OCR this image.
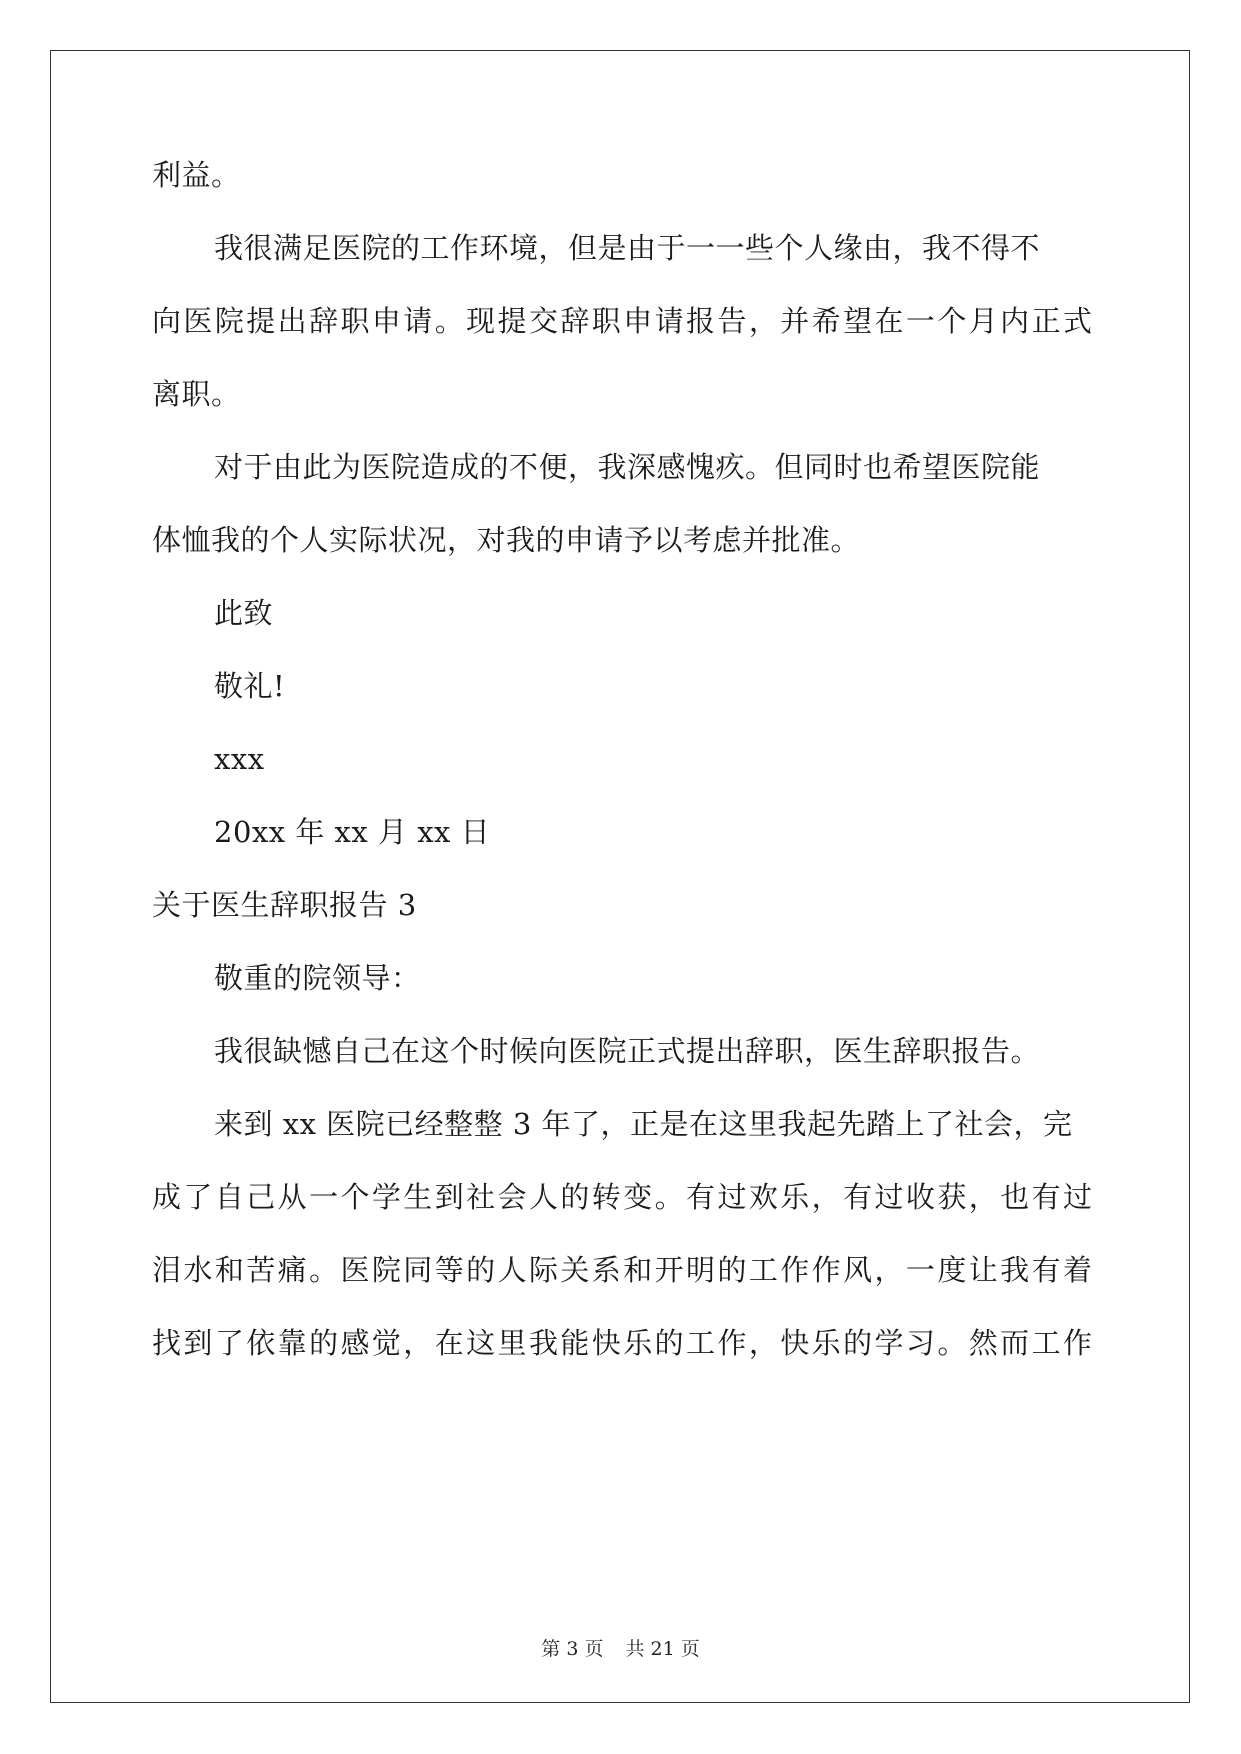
利益。
我很满足医院的工作环境，但是由于一一些个人缘由，我不得不
向医院提出辞职申请。现提交辞职申请报告，并希望在一个月内正式
离职。
对于由此为医院造成的不便，我深感愧疚。但同时也希望医院能
体恤我的个人实际状况，对我的申请予以考虑并批准。
此致
敬礼!
xxx
20xx 年 xx 月 xx 日
关于医生辞职报告 3
敬重的院领导：
我很缺憾自己在这个时候向医院正式提出辞职，医生辞职报告。
来到 xx 医院已经整整 3 年了，正是在这里我起先踏上了社会，完
成了自己从一个学生到社会人的转变。有过欢乐，有过收获，也有过
泪水和苦痛。医院同等的人际关系和开明的工作作风，一度让我有着
找到了依靠的感觉，在这里我能快乐的工作，快乐的学习。然而工作
第 3 页 共 21 页
